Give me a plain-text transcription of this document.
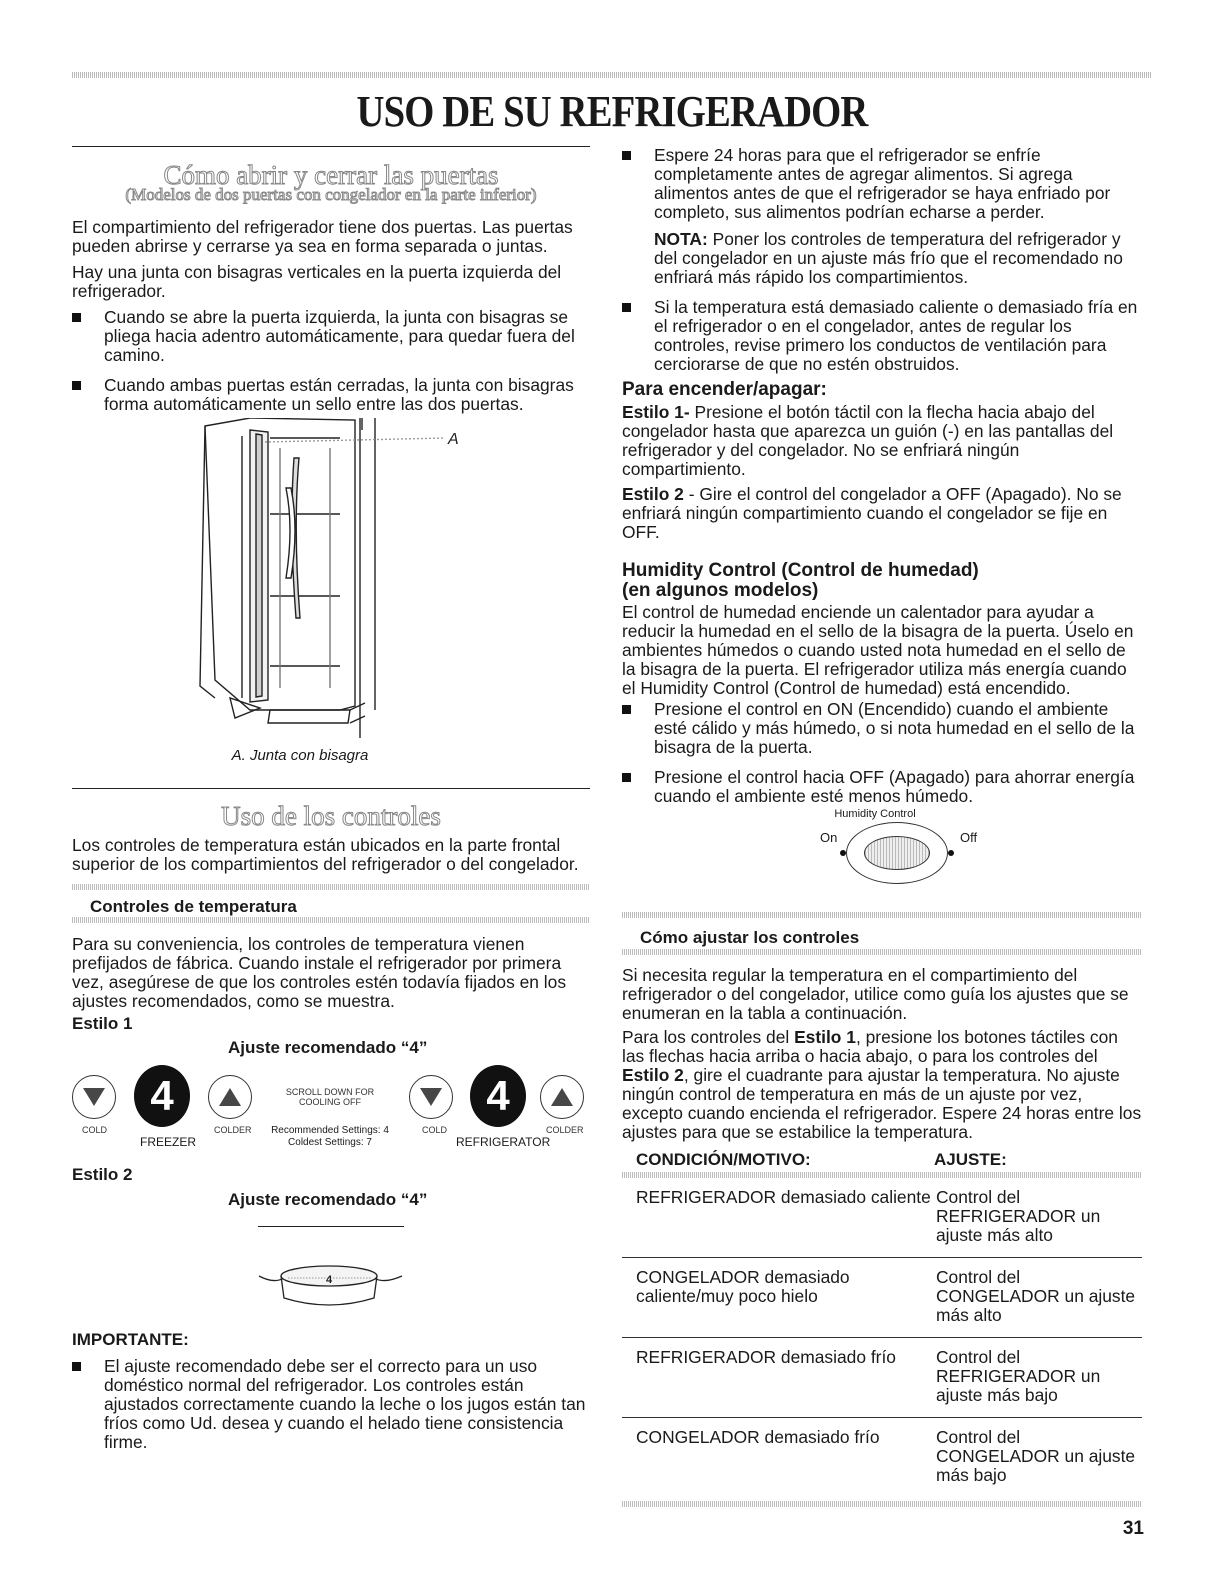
USO DE SU REFRIGERADOR
Cómo abrir y cerrar las puertas
(Modelos de dos puertas con congelador en la parte inferior)

El compartimiento del refrigerador tiene dos puertas. Las puertas pueden abrirse y cerrarse ya sea en forma separada o juntas.

Hay una junta con bisagras verticales en la puerta izquierda del refrigerador.

Cuando se abre la puerta izquierda, la junta con bisagras se pliega hacia adentro automáticamente, para quedar fuera del camino.
Cuando ambas puertas están cerradas, la junta con bisagras forma automáticamente un sello entre las dos puertas.
A
A. Junta con bisagra
Uso de los controles

Los controles de temperatura están ubicados en la parte frontal superior de los compartimientos del refrigerador o del congelador.

Controles de temperatura

Para su conveniencia, los controles de temperatura vienen prefijados de fábrica. Cuando instale el refrigerador por primera vez, asegúrese de que los controles estén todavía fijados en los ajustes recomendados, como se muestra.

Estilo 1
Ajuste recomendado “4”
4
COLD
FREEZER
COLDER
SCROLL DOWN FOR
COOLING OFF
Recommended Settings: 4
Coldest Settings: 7
4
COLD
REFRIGERATOR
COLDER
Estilo 2
Ajuste recomendado “4”
4
IMPORTANTE:
El ajuste recomendado debe ser el correcto para un uso doméstico normal del refrigerador. Los controles están ajustados correctamente cuando la leche o los jugos están tan fríos como Ud. desea y cuando el helado tiene consistencia firme.
Espere 24 horas para que el refrigerador se enfríe completamente antes de agregar alimentos. Si agrega alimentos antes de que el refrigerador se haya enfriado por completo, sus alimentos podrían echarse a perder.

NOTA: Poner los controles de temperatura del refrigerador y del congelador en un ajuste más frío que el recomendado no enfriará más rápido los compartimientos.

Si la temperatura está demasiado caliente o demasiado fría en el refrigerador o en el congelador, antes de regular los controles, revise primero los conductos de ventilación para cerciorarse de que no estén obstruidos.
Para encender/apagar:

Estilo 1- Presione el botón táctil con la flecha hacia abajo del congelador hasta que aparezca un guión (-) en las pantallas del refrigerador y del congelador. No se enfriará ningún compartimiento.

Estilo 2 - Gire el control del congelador a OFF (Apagado). No se enfriará ningún compartimiento cuando el congelador se fije en OFF.

Humidity Control (Control de humedad)
(en algunos modelos)

El control de humedad enciende un calentador para ayudar a reducir la humedad en el sello de la bisagra de la puerta. Úselo en ambientes húmedos o cuando usted nota humedad en el sello de la bisagra de la puerta. El refrigerador utiliza más energía cuando el Humidity Control (Control de humedad) está encendido.

Presione el control en ON (Encendido) cuando el ambiente esté cálido y más húmedo, o si nota humedad en el sello de la bisagra de la puerta.
Presione el control hacia OFF (Apagado) para ahorrar energía cuando el ambiente esté menos húmedo.
Humidity Control
On	Off
Cómo ajustar los controles

Si necesita regular la temperatura en el compartimiento del refrigerador o del congelador, utilice como guía los ajustes que se enumeran en la tabla a continuación.

Para los controles del Estilo 1, presione los botones táctiles con las flechas hacia arriba o hacia abajo, o para los controles del Estilo 2, gire el cuadrante para ajustar la temperatura. No ajuste ningún control de temperatura en más de un ajuste por vez, excepto cuando encienda el refrigerador. Espere 24 horas entre los ajustes para que se estabilice la temperatura.

CONDICIÓN/MOTIVO:	AJUSTE:
REFRIGERADOR demasiado caliente	Control del REFRIGERADOR un ajuste más alto
CONGELADOR demasiado caliente/muy poco hielo	Control del CONGELADOR un ajuste más alto
REFRIGERADOR demasiado frío	Control del REFRIGERADOR un ajuste más bajo
CONGELADOR demasiado frío	Control del CONGELADOR un ajuste más bajo
31
